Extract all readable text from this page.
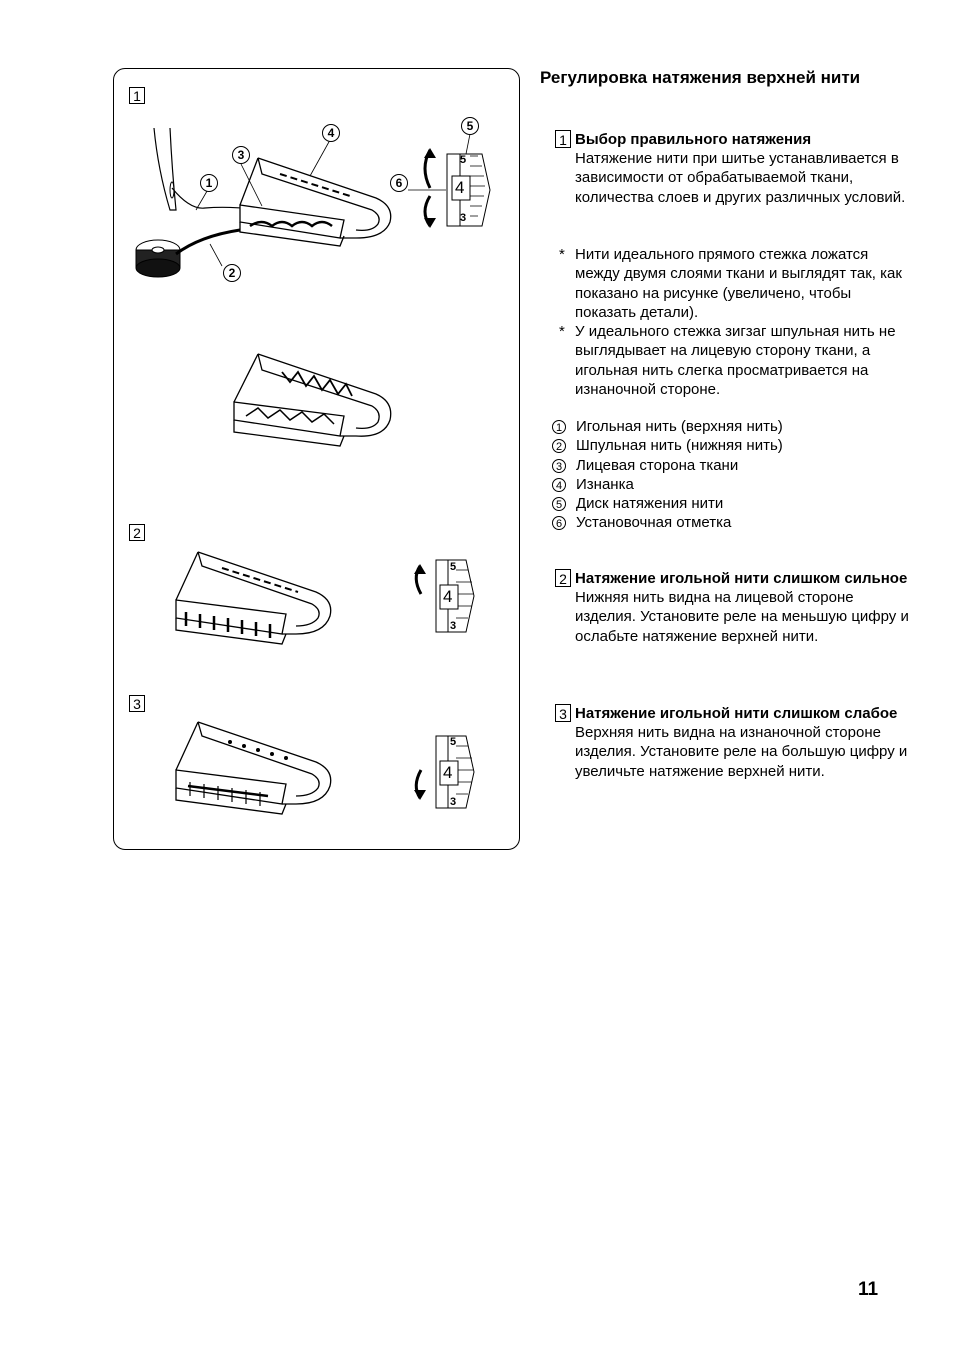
1
2
3
1
2
3
4	5
6
5
4
3
5
4
3
5
4
3
Регулировка натяжения верхней нити
1 Выбор правильного натяжения
Натяжение нити при шитье устанавливается в зависимости от обрабатываемой ткани, количества слоев и других различных условий.
* Нити идеального прямого стежка ложатся между двумя слоями ткани и выглядят так, как показано на рисунке (увеличено, чтобы показать детали).
* У идеального стежка зигзаг шпульная нить не выглядывает на лицевую сторону ткани, а игольная нить слегка просматривается на изнаночной стороне.
1 Игольная нить (верхняя нить)
2 Шпульная нить (нижняя нить)
3 Лицевая сторона ткани
4 Изнанка
5 Диск натяжения нити
6 Установочная отметка
2 Натяжение игольной нити слишком сильное
Нижняя нить видна на лицевой стороне изделия. Установите реле на меньшую цифру и ослабьте натяжение верхней нити.
3 Натяжение игольной нити слишком слабое
Верхняя нить видна на изнаночной стороне изделия. Установите реле на большую цифру и увеличьте натяжение верхней нити.
11
